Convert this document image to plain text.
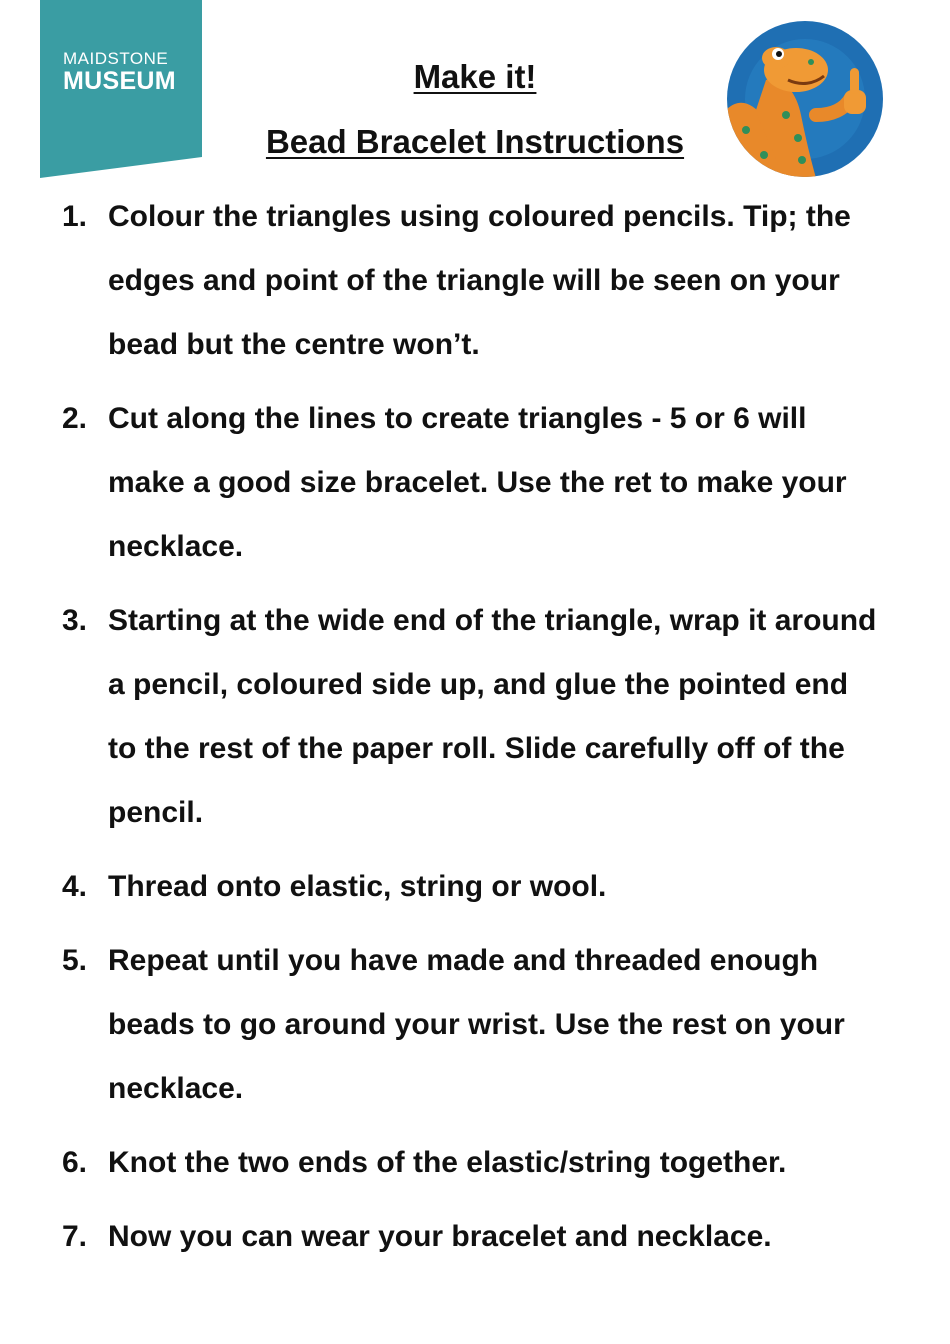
MAIDSTONE
MUSEUM	Make it!
Bead Bracelet Instructions
1. Colour the triangles using coloured pencils. Tip; the edges and point of the triangle will be seen on your bead but the centre won’t.
2. Cut along the lines to create triangles - 5 or 6 will make a good size bracelet. Use the ret to make your necklace.
3. Starting at the wide end of the triangle, wrap it around a pencil, coloured side up, and glue the pointed end to the rest of the paper roll. Slide carefully off of the pencil.
4. Thread onto elastic, string or wool.
5. Repeat until you have made and threaded enough beads to go around your wrist. Use the rest on your necklace.
6. Knot the two ends of the elastic/string together.
7. Now you can wear your bracelet and necklace.
